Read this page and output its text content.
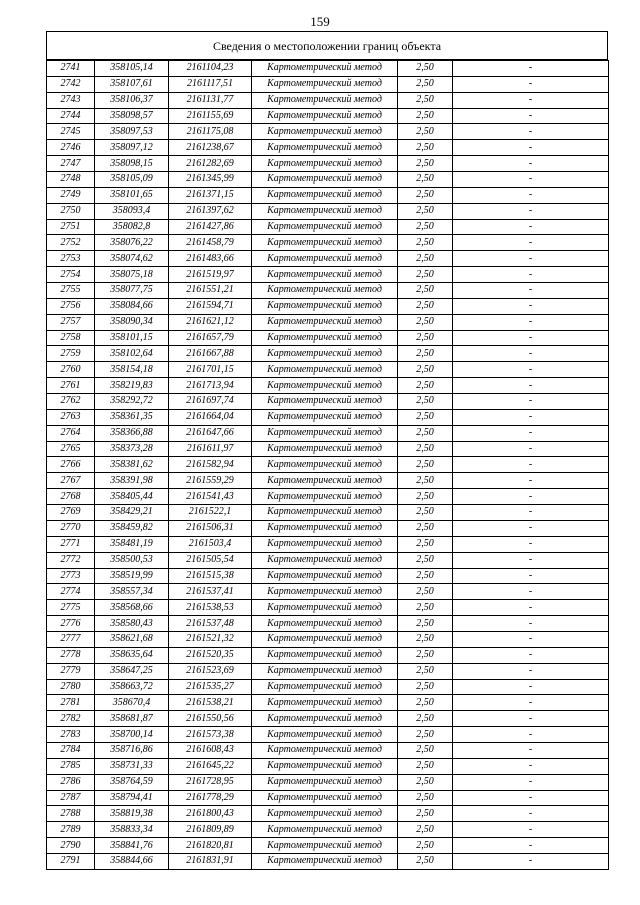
159
Сведения о местоположении границ объекта
2741	358105,14	2161104,23	Картометрический метод	2,50	-
2742	358107,61	2161117,51	Картометрический метод	2,50	-
2743	358106,37	2161131,77	Картометрический метод	2,50	-
2744	358098,57	2161155,69	Картометрический метод	2,50	-
2745	358097,53	2161175,08	Картометрический метод	2,50	-
2746	358097,12	2161238,67	Картометрический метод	2,50	-
2747	358098,15	2161282,69	Картометрический метод	2,50	-
2748	358105,09	2161345,99	Картометрический метод	2,50	-
2749	358101,65	2161371,15	Картометрический метод	2,50	-
2750	358093,4	2161397,62	Картометрический метод	2,50	-
2751	358082,8	2161427,86	Картометрический метод	2,50	-
2752	358076,22	2161458,79	Картометрический метод	2,50	-
2753	358074,62	2161483,66	Картометрический метод	2,50	-
2754	358075,18	2161519,97	Картометрический метод	2,50	-
2755	358077,75	2161551,21	Картометрический метод	2,50	-
2756	358084,66	2161594,71	Картометрический метод	2,50	-
2757	358090,34	2161621,12	Картометрический метод	2,50	-
2758	358101,15	2161657,79	Картометрический метод	2,50	-
2759	358102,64	2161667,88	Картометрический метод	2,50	-
2760	358154,18	2161701,15	Картометрический метод	2,50	-
2761	358219,83	2161713,94	Картометрический метод	2,50	-
2762	358292,72	2161697,74	Картометрический метод	2,50	-
2763	358361,35	2161664,04	Картометрический метод	2,50	-
2764	358366,88	2161647,66	Картометрический метод	2,50	-
2765	358373,28	2161611,97	Картометрический метод	2,50	-
2766	358381,62	2161582,94	Картометрический метод	2,50	-
2767	358391,98	2161559,29	Картометрический метод	2,50	-
2768	358405,44	2161541,43	Картометрический метод	2,50	-
2769	358429,21	2161522,1	Картометрический метод	2,50	-
2770	358459,82	2161506,31	Картометрический метод	2,50	-
2771	358481,19	2161503,4	Картометрический метод	2,50	-
2772	358500,53	2161505,54	Картометрический метод	2,50	-
2773	358519,99	2161515,38	Картометрический метод	2,50	-
2774	358557,34	2161537,41	Картометрический метод	2,50	-
2775	358568,66	2161538,53	Картометрический метод	2,50	-
2776	358580,43	2161537,48	Картометрический метод	2,50	-
2777	358621,68	2161521,32	Картометрический метод	2,50	-
2778	358635,64	2161520,35	Картометрический метод	2,50	-
2779	358647,25	2161523,69	Картометрический метод	2,50	-
2780	358663,72	2161535,27	Картометрический метод	2,50	-
2781	358670,4	2161538,21	Картометрический метод	2,50	-
2782	358681,87	2161550,56	Картометрический метод	2,50	-
2783	358700,14	2161573,38	Картометрический метод	2,50	-
2784	358716,86	2161608,43	Картометрический метод	2,50	-
2785	358731,33	2161645,22	Картометрический метод	2,50	-
2786	358764,59	2161728,95	Картометрический метод	2,50	-
2787	358794,41	2161778,29	Картометрический метод	2,50	-
2788	358819,38	2161800,43	Картометрический метод	2,50	-
2789	358833,34	2161809,89	Картометрический метод	2,50	-
2790	358841,76	2161820,81	Картометрический метод	2,50	-
2791	358844,66	2161831,91	Картометрический метод	2,50	-
